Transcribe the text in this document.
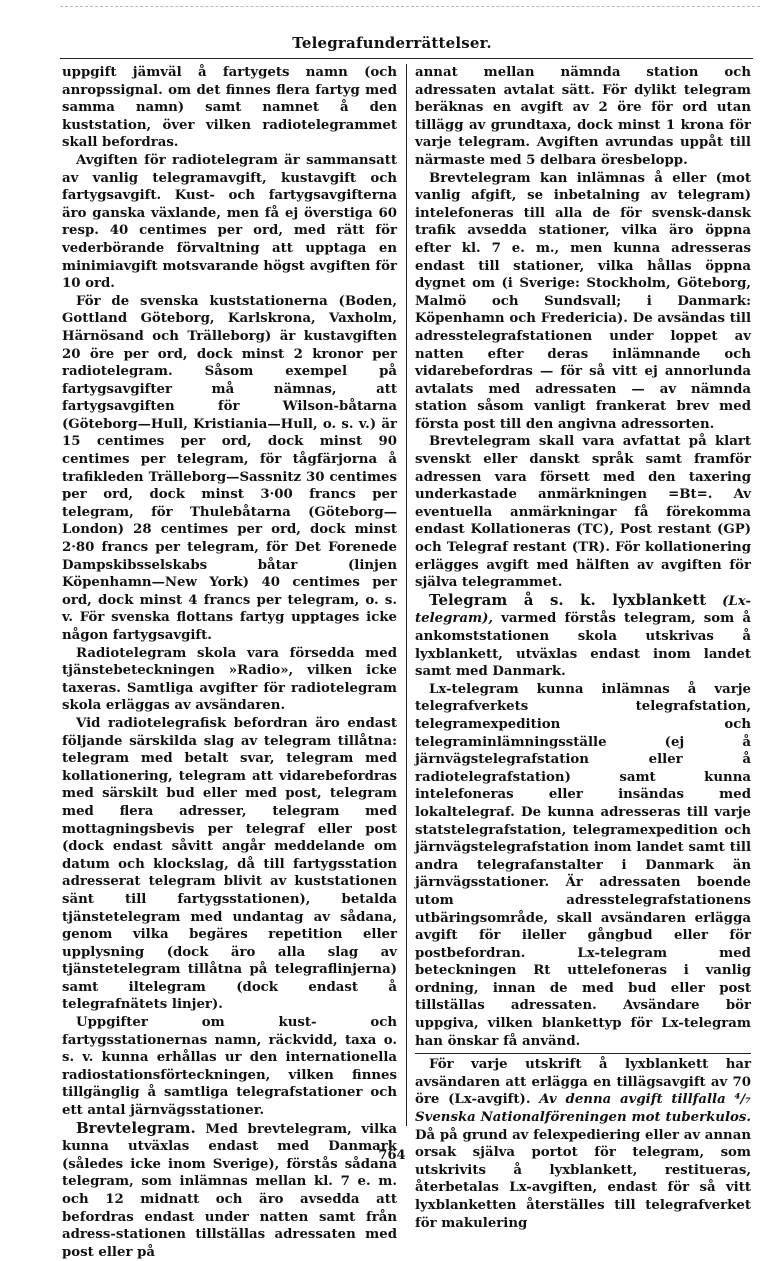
Telegrafunderrättelser.

uppgift jämväl å fartygets namn (och anropssignal. om det finnes flera fartyg med samma namn) samt namnet å den kuststation, över vilken radiotelegrammet skall befordras.

Avgiften för radiotelegram är sammansatt av vanlig telegramavgift, kustavgift och fartygsavgift. Kust- och fartygsavgifterna äro ganska växlande, men få ej överstiga 60 resp. 40 centimes per ord, med rätt för vederbörande förvaltning att upptaga en minimiavgift motsvarande högst avgiften för 10 ord.

För de svenska kuststationerna (Boden, Gottland Göteborg, Karlskrona, Vaxholm, Härnösand och Trälleborg) är kustavgiften 20 öre per ord, dock minst 2 kronor per radiotelegram. Såsom exempel på fartygsavgifter må nämnas, att fartygsavgiften för Wilson-båtarna (Göteborg—Hull, Kristiania—Hull, o. s. v.) är 15 centimes per ord, dock minst 90 centimes per telegram, för tågfärjorna å trafikleden Trälleborg—Sassnitz 30 centimes per ord, dock minst 3·00 francs per telegram, för Thulebåtarna (Göteborg—London) 28 centimes per ord, dock minst 2·80 francs per telegram, för Det Forenede Dampskibsselskabs båtar (linjen Köpenhamn—New York) 40 centimes per ord, dock minst 4 francs per telegram, o. s. v. För svenska flottans fartyg upptages icke någon fartygsavgift.

Radiotelegram skola vara försedda med tjänstebeteckningen »Radio», vilken icke taxeras. Samtliga avgifter för radiotelegram skola erläggas av avsändaren.

Vid radiotelegrafisk befordran äro endast följande särskilda slag av telegram tillåtna: telegram med betalt svar, telegram med kollationering, telegram att vidarebefordras med särskilt bud eller med post, telegram med flera adresser, telegram med mottagningsbevis per telegraf eller post (dock endast såvitt angår meddelande om datum och klockslag, då till fartygsstation adresserat telegram blivit av kuststationen sänt till fartygsstationen), betalda tjänstetelegram med undantag av sådana, genom vilka begäres repetition eller upplysning (dock äro alla slag av tjänstetelegram tillåtna på telegraflinjerna) samt iltelegram (dock endast å telegrafnätets linjer).

Uppgifter om kust- och fartygsstationernas namn, räckvidd, taxa o. s. v. kunna erhållas ur den internationella radiostationsförteckningen, vilken finnes tillgänglig å samtliga telegrafstationer och ett antal järnvägsstationer.

Brevtelegram. Med brevtelegram, vilka kunna utväxlas endast med Danmark (således icke inom Sverige), förstås sådana telegram, som inlämnas mellan kl. 7 e. m. och 12 midnatt och äro avsedda att befordras endast under natten samt från adress-stationen tillställas adressaten med post eller på

annat mellan nämnda station och adressaten avtalat sätt. För dylikt telegram beräknas en avgift av 2 öre för ord utan tillägg av grundtaxa, dock minst 1 krona för varje telegram. Avgiften avrundas uppåt till närmaste med 5 delbara öresbelopp.

Brevtelegram kan inlämnas å eller (mot vanlig afgift, se inbetalning av telegram) intelefoneras till alla de för svensk-dansk trafik avsedda stationer, vilka äro öppna efter kl. 7 e. m., men kunna adresseras endast till stationer, vilka hållas öppna dygnet om (i Sverige: Stockholm, Göteborg, Malmö och Sundsvall; i Danmark: Köpenhamn och Fredericia). De avsändas till adresstelegrafstationen under loppet av natten efter deras inlämnande och vidarebefordras — för så vitt ej annorlunda avtalats med adressaten — av nämnda station såsom vanligt frankerat brev med första post till den angivna adressorten.

Brevtelegram skall vara avfattat på klart svenskt eller danskt språk samt framför adressen vara försett med den taxering underkastade anmärkningen =Bt=. Av eventuella anmärkningar få förekomma endast Kollationeras (TC), Post restant (GP) och Telegraf restant (TR). För kollationering erlägges avgift med hälften av avgiften för själva telegrammet.

Telegram å s. k. lyxblankett (Lx-telegram), varmed förstås telegram, som å ankomststationen skola utskrivas å lyxblankett, utväxlas endast inom landet samt med Danmark.

Lx-telegram kunna inlämnas å varje telegrafverkets telegrafstation, telegramexpedition och telegraminlämningsställe (ej å järnvägstelegrafstation eller å radiotelegrafstation) samt kunna intelefoneras eller insändas med lokaltelegraf. De kunna adresseras till varje statstelegrafstation, telegramexpedition och järnvägstelegrafstation inom landet samt till andra telegrafanstalter i Danmark än järnvägsstationer. Är adressaten boende utom adresstelegrafstationens utbäringsområde, skall avsändaren erlägga avgift för ileller gångbud eller för postbefordran. Lx-telegram med beteckningen Rt uttelefoneras i vanlig ordning, innan de med bud eller post tillställas adressaten. Avsändare bör uppgiva, vilken blankettyp för Lx-telegram han önskar få använd.

För varje utskrift å lyxblankett har avsändaren att erlägga en tillägsavgift av 70 öre (Lx-avgift). Av denna avgift tillfalla ⁴/₇ Svenska Nationalföreningen mot tuberkulos. Då på grund av felexpediering eller av annan orsak själva portot för telegram, som utskrivits å lyxblankett, restitueras, återbetalas Lx-avgiften, endast för så vitt lyxblanketten återställes till telegrafverket för makulering

764
